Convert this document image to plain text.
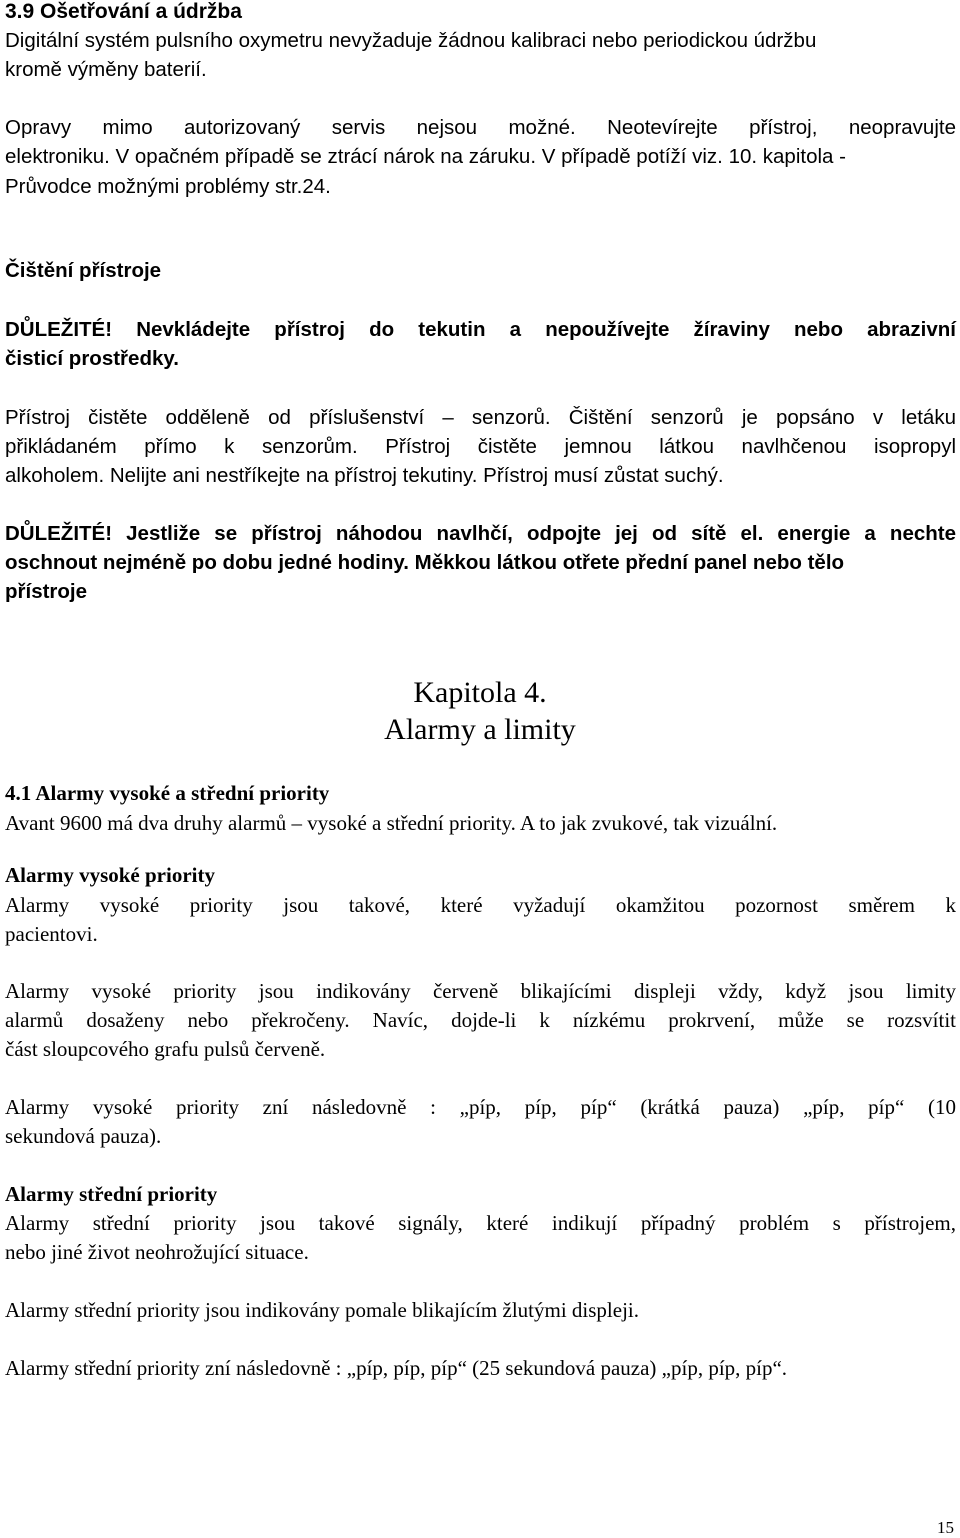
3.9 Ošetřování a údržba

Digitální systém pulsního oxymetru nevyžaduje žádnou kalibraci nebo periodickou údržbu

kromě výměny baterií.

Opravy mimo autorizovaný servis nejsou možné. Neotevírejte přístroj, neopravujte

elektroniku. V opačném případě se ztrácí nárok na záruku. V případě potíží viz. 10. kapitola -

Průvodce možnými problémy str.24.

Čištění přístroje

DŮLEŽITÉ! Nevkládejte přístroj do tekutin a nepoužívejte žíraviny nebo abrazivní

čisticí prostředky.

Přístroj čistěte odděleně od příslušenství – senzorů. Čištění senzorů je popsáno v letáku

přikládaném přímo k senzorům. Přístroj čistěte jemnou látkou navlhčenou isopropyl

alkoholem. Nelijte ani nestříkejte na přístroj tekutiny. Přístroj musí zůstat suchý.

DŮLEŽITÉ! Jestliže se přístroj náhodou navlhčí, odpojte jej od sítě el. energie a nechte

oschnout nejméně po dobu jedné hodiny. Měkkou látkou otřete přední panel nebo tělo

přístroje

Kapitola 4.

Alarmy a limity

4.1 Alarmy vysoké a střední priority

Avant 9600 má dva druhy alarmů – vysoké a střední priority. A to jak zvukové, tak vizuální.

Alarmy vysoké priority

Alarmy vysoké priority jsou takové, které vyžadují okamžitou pozornost směrem k

pacientovi.

Alarmy vysoké priority jsou indikovány červeně blikajícími displeji vždy, když jsou limity

alarmů dosaženy nebo překročeny. Navíc, dojde-li k nízkému prokrvení, může se rozsvítit

část sloupcového grafu pulsů červeně.

Alarmy vysoké priority zní následovně : „píp, píp, píp“ (krátká pauza) „píp, píp“ (10

sekundová pauza).

Alarmy střední priority

Alarmy střední priority jsou takové signály, které indikují případný problém s přístrojem,

nebo jiné život neohrožující situace.

Alarmy střední priority jsou indikovány pomale blikajícím žlutými displeji.

Alarmy střední priority zní následovně : „píp, píp, píp“ (25 sekundová pauza) „píp, píp, píp“.

15
